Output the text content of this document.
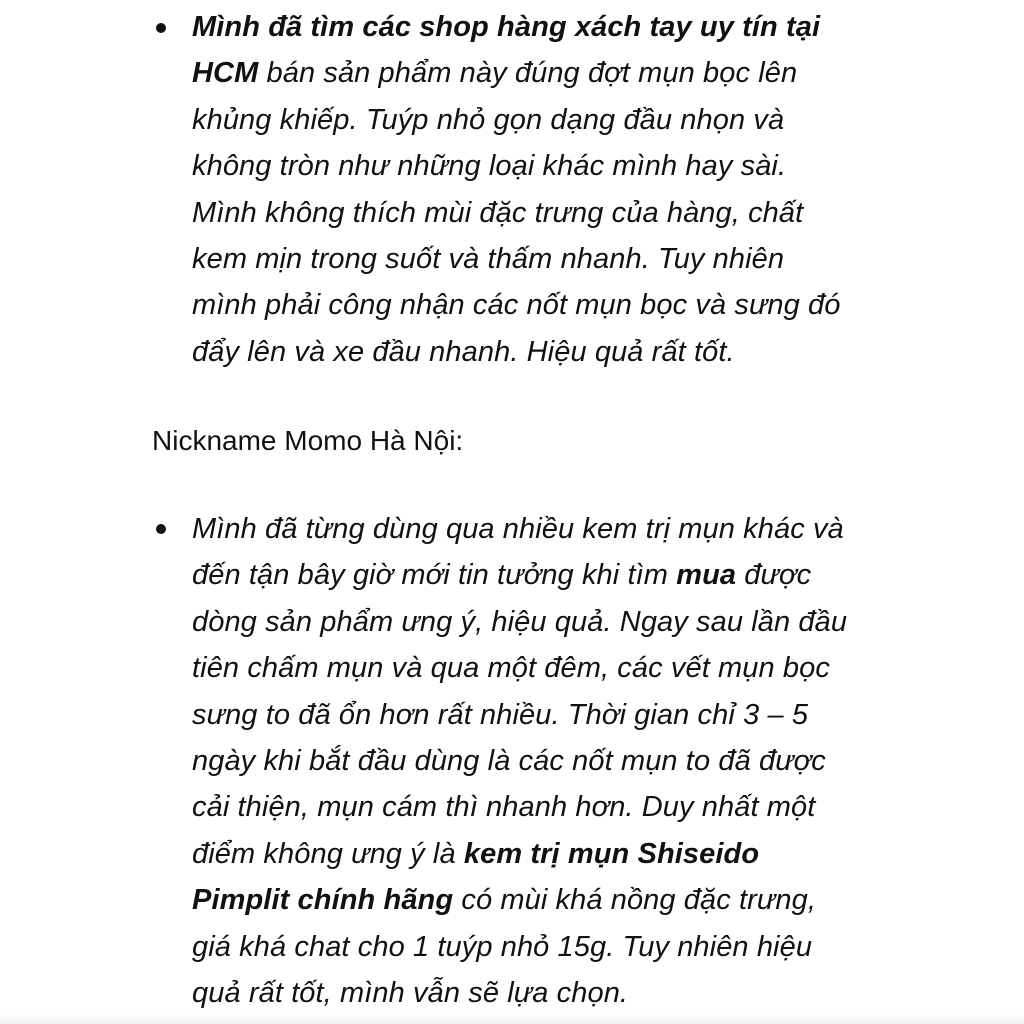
Mình đã tìm các shop hàng xách tay uy tín tại
HCM bán sản phẩm này đúng đợt mụn bọc lên
khủng khiếp. Tuýp nhỏ gọn dạng đầu nhọn và
không tròn như những loại khác mình hay sài.
Mình không thích mùi đặc trưng của hàng, chất
kem mịn trong suốt và thấm nhanh. Tuy nhiên
mình phải công nhận các nốt mụn bọc và sưng đó
đẩy lên và xe đầu nhanh. Hiệu quả rất tốt.
Nickname Momo Hà Nội:
Mình đã từng dùng qua nhiều kem trị mụn khác và
đến tận bây giờ mới tin tưởng khi tìm mua được
dòng sản phẩm ưng ý, hiệu quả. Ngay sau lần đầu
tiên chấm mụn và qua một đêm, các vết mụn bọc
sưng to đã ổn hơn rất nhiều. Thời gian chỉ 3 – 5
ngày khi bắt đầu dùng là các nốt mụn to đã được
cải thiện, mụn cám thì nhanh hơn. Duy nhất một
điểm không ưng ý là kem trị mụn Shiseido
Pimplit chính hãng có mùi khá nồng đặc trưng,
giá khá chat cho 1 tuýp nhỏ 15g. Tuy nhiên hiệu
quả rất tốt, mình vẫn sẽ lựa chọn.
